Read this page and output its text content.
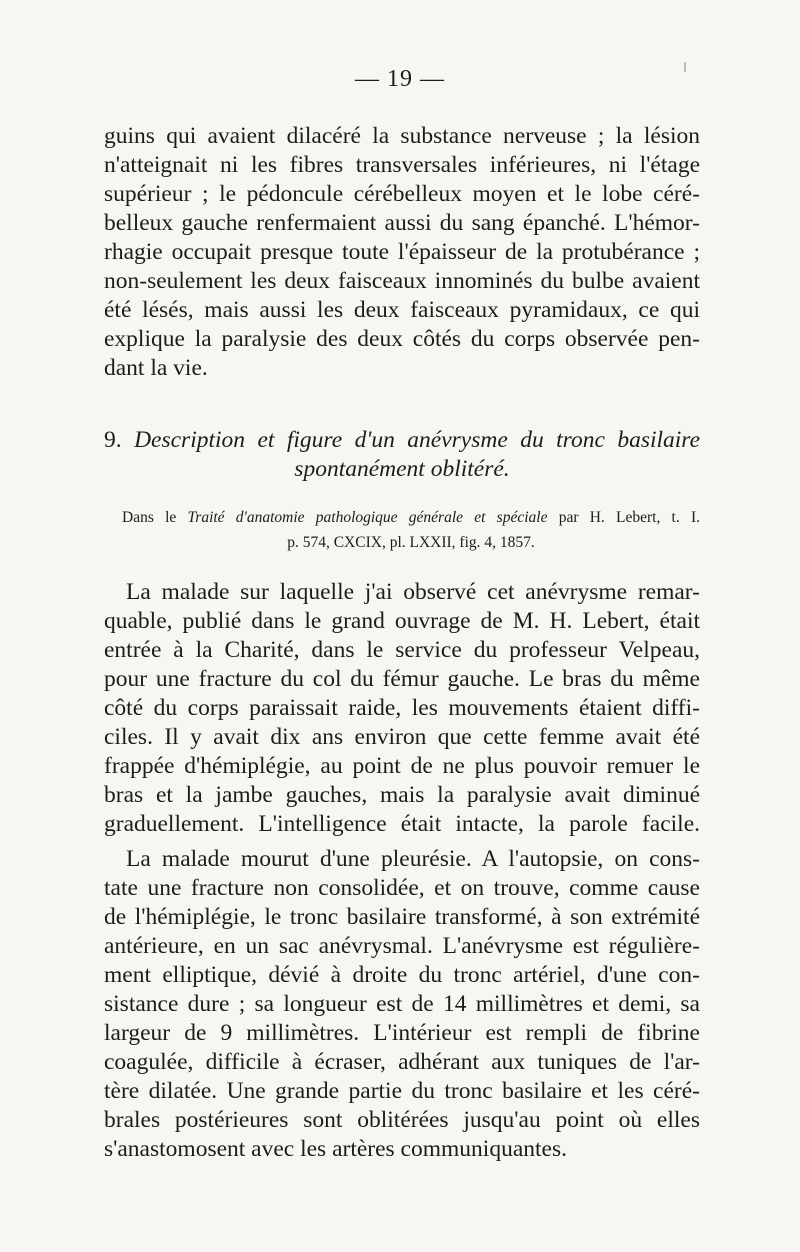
— 19 —
guins qui avaient dilacéré la substance nerveuse ; la lésion
n'atteignait ni les fibres transversales inférieures, ni l'étage
supérieur ; le pédoncule cérébelleux moyen et le lobe céré-
belleux gauche renfermaient aussi du sang épanché. L'hémor-
rhagie occupait presque toute l'épaisseur de la protubérance ;
non-seulement les deux faisceaux innominés du bulbe avaient
été lésés, mais aussi les deux faisceaux pyramidaux, ce qui
explique la paralysie des deux côtés du corps observée pen-
dant la vie.
9. Description et figure d'un anévrysme du tronc basilaire
spontanément oblitéré.
Dans le Traité d'anatomie pathologique générale et spéciale par H. Lebert, t. I.
p. 574, CXCIX, pl. LXXII, fig. 4, 1857.
La malade sur laquelle j'ai observé cet anévrysme remar-
quable, publié dans le grand ouvrage de M. H. Lebert, était
entrée à la Charité, dans le service du professeur Velpeau,
pour une fracture du col du fémur gauche. Le bras du même
côté du corps paraissait raide, les mouvements étaient diffi-
ciles. Il y avait dix ans environ que cette femme avait été
frappée d'hémiplégie, au point de ne plus pouvoir remuer le
bras et la jambe gauches, mais la paralysie avait diminué
graduellement. L'intelligence était intacte, la parole facile.
La malade mourut d'une pleurésie. A l'autopsie, on cons-
tate une fracture non consolidée, et on trouve, comme cause
de l'hémiplégie, le tronc basilaire transformé, à son extrémité
antérieure, en un sac anévrysmal. L'anévrysme est régulière-
ment elliptique, dévié à droite du tronc artériel, d'une con-
sistance dure ; sa longueur est de 14 millimètres et demi, sa
largeur de 9 millimètres. L'intérieur est rempli de fibrine
coagulée, difficile à écraser, adhérant aux tuniques de l'ar-
tère dilatée. Une grande partie du tronc basilaire et les céré-
brales postérieures sont oblitérées jusqu'au point où elles
s'anastomosent avec les artères communiquantes.
